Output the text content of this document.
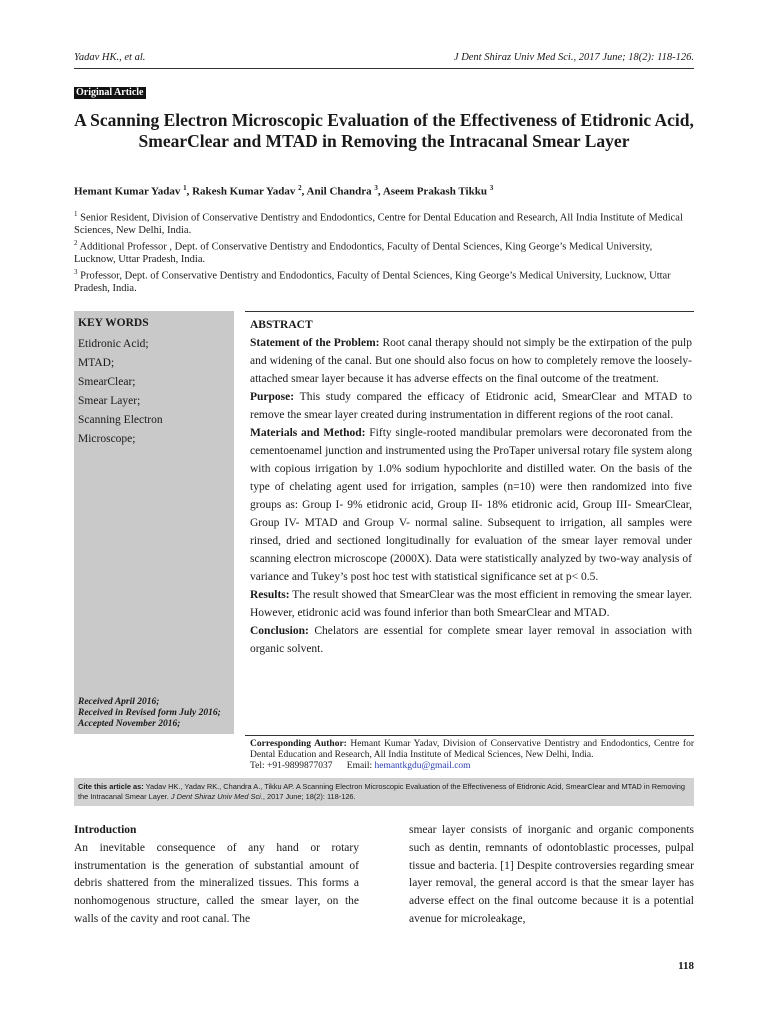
Yadav HK., et al.	J Dent Shiraz Univ Med Sci., 2017 June; 18(2): 118-126.
Original Article
A Scanning Electron Microscopic Evaluation of the Effectiveness of Etidronic Acid, SmearClear and MTAD in Removing the Intracanal Smear Layer
Hemant Kumar Yadav $^1$, Rakesh Kumar Yadav $^2$, Anil Chandra $^3$, Aseem Prakash Tikku $^3$

$^1$ Senior Resident, Division of Conservative Dentistry and Endodontics, Centre for Dental Education and Research, All India Institute of Medical Sciences, New Delhi, India.

$^2$ Additional Professor , Dept. of Conservative Dentistry and Endodontics, Faculty of Dental Sciences, King George’s Medical University, Lucknow, Uttar Pradesh, India.

$^3$ Professor, Dept. of Conservative Dentistry and Endodontics, Faculty of Dental Sciences, King George’s Medical University, Lucknow, Uttar Pradesh, India.

KEY WORDS
Etidronic Acid;
MTAD;
SmearClear;
Smear Layer;
Scanning Electron
Microscope;
Received April 2016;
Received in Revised form July 2016;
Accepted November 2016;
ABSTRACT

Statement of the Problem: Root canal therapy should not simply be the extirpation of the pulp and widening of the canal. But one should also focus on how to completely remove the loosely-attached smear layer because it has adverse effects on the final outcome of the treatment.

Purpose: This study compared the efficacy of Etidronic acid, SmearClear and MTAD to remove the smear layer created during instrumentation in different regions of the root canal.

Materials and Method: Fifty single-rooted mandibular premolars were decoronated from the cementoenamel junction and instrumented using the ProTaper universal rotary file system along with copious irrigation by 1.0% sodium hypochlorite and distilled water. On the basis of the type of chelating agent used for irrigation, samples (n=10) were then randomized into five groups as: Group I- 9% etidronic acid, Group II- 18% etidronic acid, Group III- SmearClear, Group IV- MTAD and Group V- normal saline. Subsequent to irrigation, all samples were rinsed, dried and sectioned longitudinally for evaluation of the smear layer removal under scanning electron microscope (2000X). Data were statistically analyzed by two-way analysis of variance and Tukey’s post hoc test with statistical significance set at p< 0.5.

Results: The result showed that SmearClear was the most efficient in removing the smear layer. However, etidronic acid was found inferior than both SmearClear and MTAD.

Conclusion: Chelators are essential for complete smear layer removal in association with organic solvent.

Corresponding Author: Hemant Kumar Yadav, Division of Conservative Dentistry and Endodontics, Centre for Dental Education and Research, All India Institute of Medical Sciences, New Delhi, India.
Tel: +91-9899877037 Email: hemantkgdu@gmail.com
Cite this article as: Yadav HK., Yadav RK., Chandra A., Tikku AP. A Scanning Electron Microscopic Evaluation of the Effectiveness of Etidronic Acid, SmearClear and MTAD in Removing the Intracanal Smear Layer. J Dent Shiraz Univ Med Sci., 2017 June; 18(2): 118-126.
Introduction

An inevitable consequence of any hand or rotary instrumentation is the generation of substantial amount of debris shattered from the mineralized tissues. This forms a nonhomogenous structure, called the smear layer, on the walls of the cavity and root canal. The

smear layer consists of inorganic and organic components such as dentin, remnants of odontoblastic processes, pulpal tissue and bacteria. [1] Despite controversies regarding smear layer removal, the general accord is that the smear layer has adverse effect on the final outcome because it is a potential avenue for microleakage,

118
